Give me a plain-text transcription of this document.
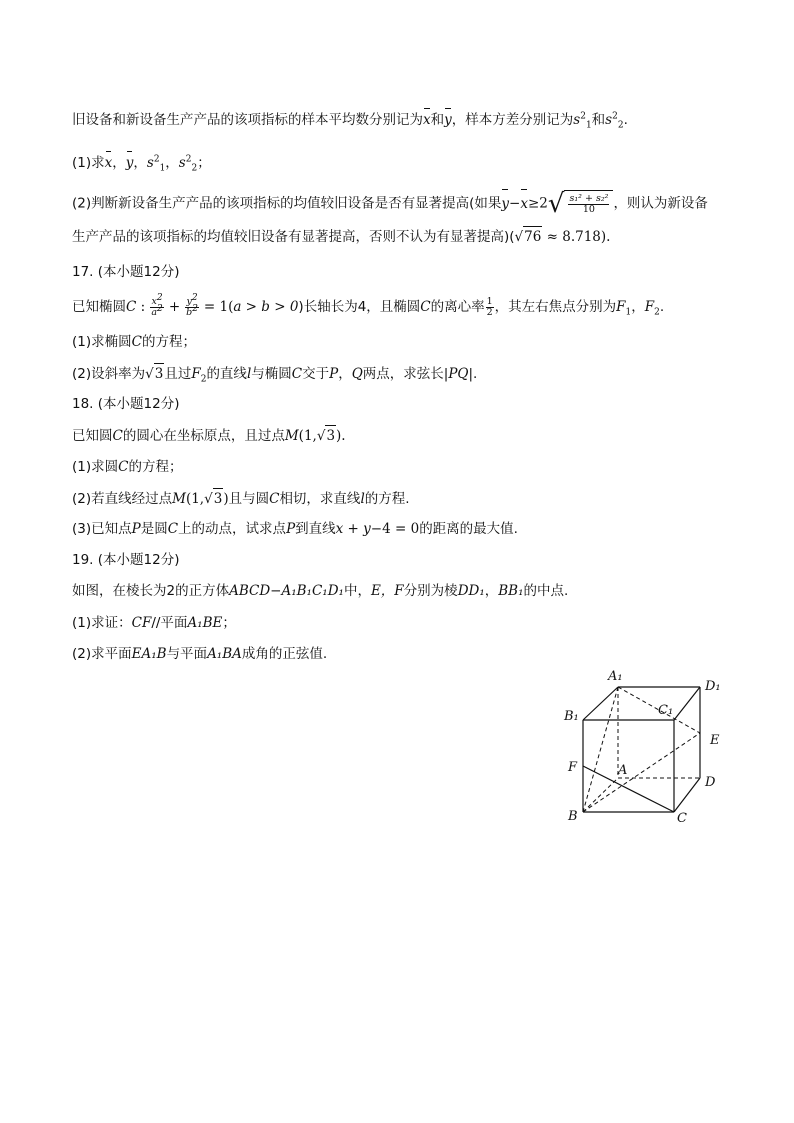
旧设备和新设备生产产品的该项指标的样本平均数分别记为x和y，样本方差分别记为$s^2_1$和$s^2_2$.
(1)求x，y，$s^2_1$，$s^2_2$；
(2)判断新设备生产产品的该项指标的均值较旧设备是否有显著提高(如果y−x≥2 √ $\frac{\text{s₁² + s₂²}}{10}$ ，则认为新设备
生产产品的该项指标的均值较旧设备有显著提高，否则不认为有显著提高)(√76 ≈ 8.718).
17. (本小题12分)
已知椭圆C : $\frac{x^2}{a^2} + \frac{y^2}{b^2} = 1(a > b > 0)$长轴长为4，且椭圆C的离心率 $\frac{1}{2}$ ，其左右焦点分别为$F_1$，$F_2$.
(1)求椭圆C的方程；
(2)设斜率为√3且过$F_2$的直线l与椭圆C交于P，Q两点，求弦长|PQ|.
18. (本小题12分)
已知圆C的圆心在坐标原点，且过点M(1,√3).
(1)求圆C的方程；
(2)若直线经过点M(1,√3)且与圆C相切，求直线l的方程.
(3)已知点P是圆C上的动点，试求点P到直线x + y−4 = 0的距离的最大值.
19. (本小题12分)
如图，在棱长为2的正方体ABCD−A₁B₁C₁D₁中，E，F分别为棱DD₁，BB₁的中点.
(1)求证：CF//平面A₁BE；
(2)求平面EA₁B与平面A₁BA成角的正弦值.
A₁
D₁
B₁	C₁
E
F	A
D
B	C
